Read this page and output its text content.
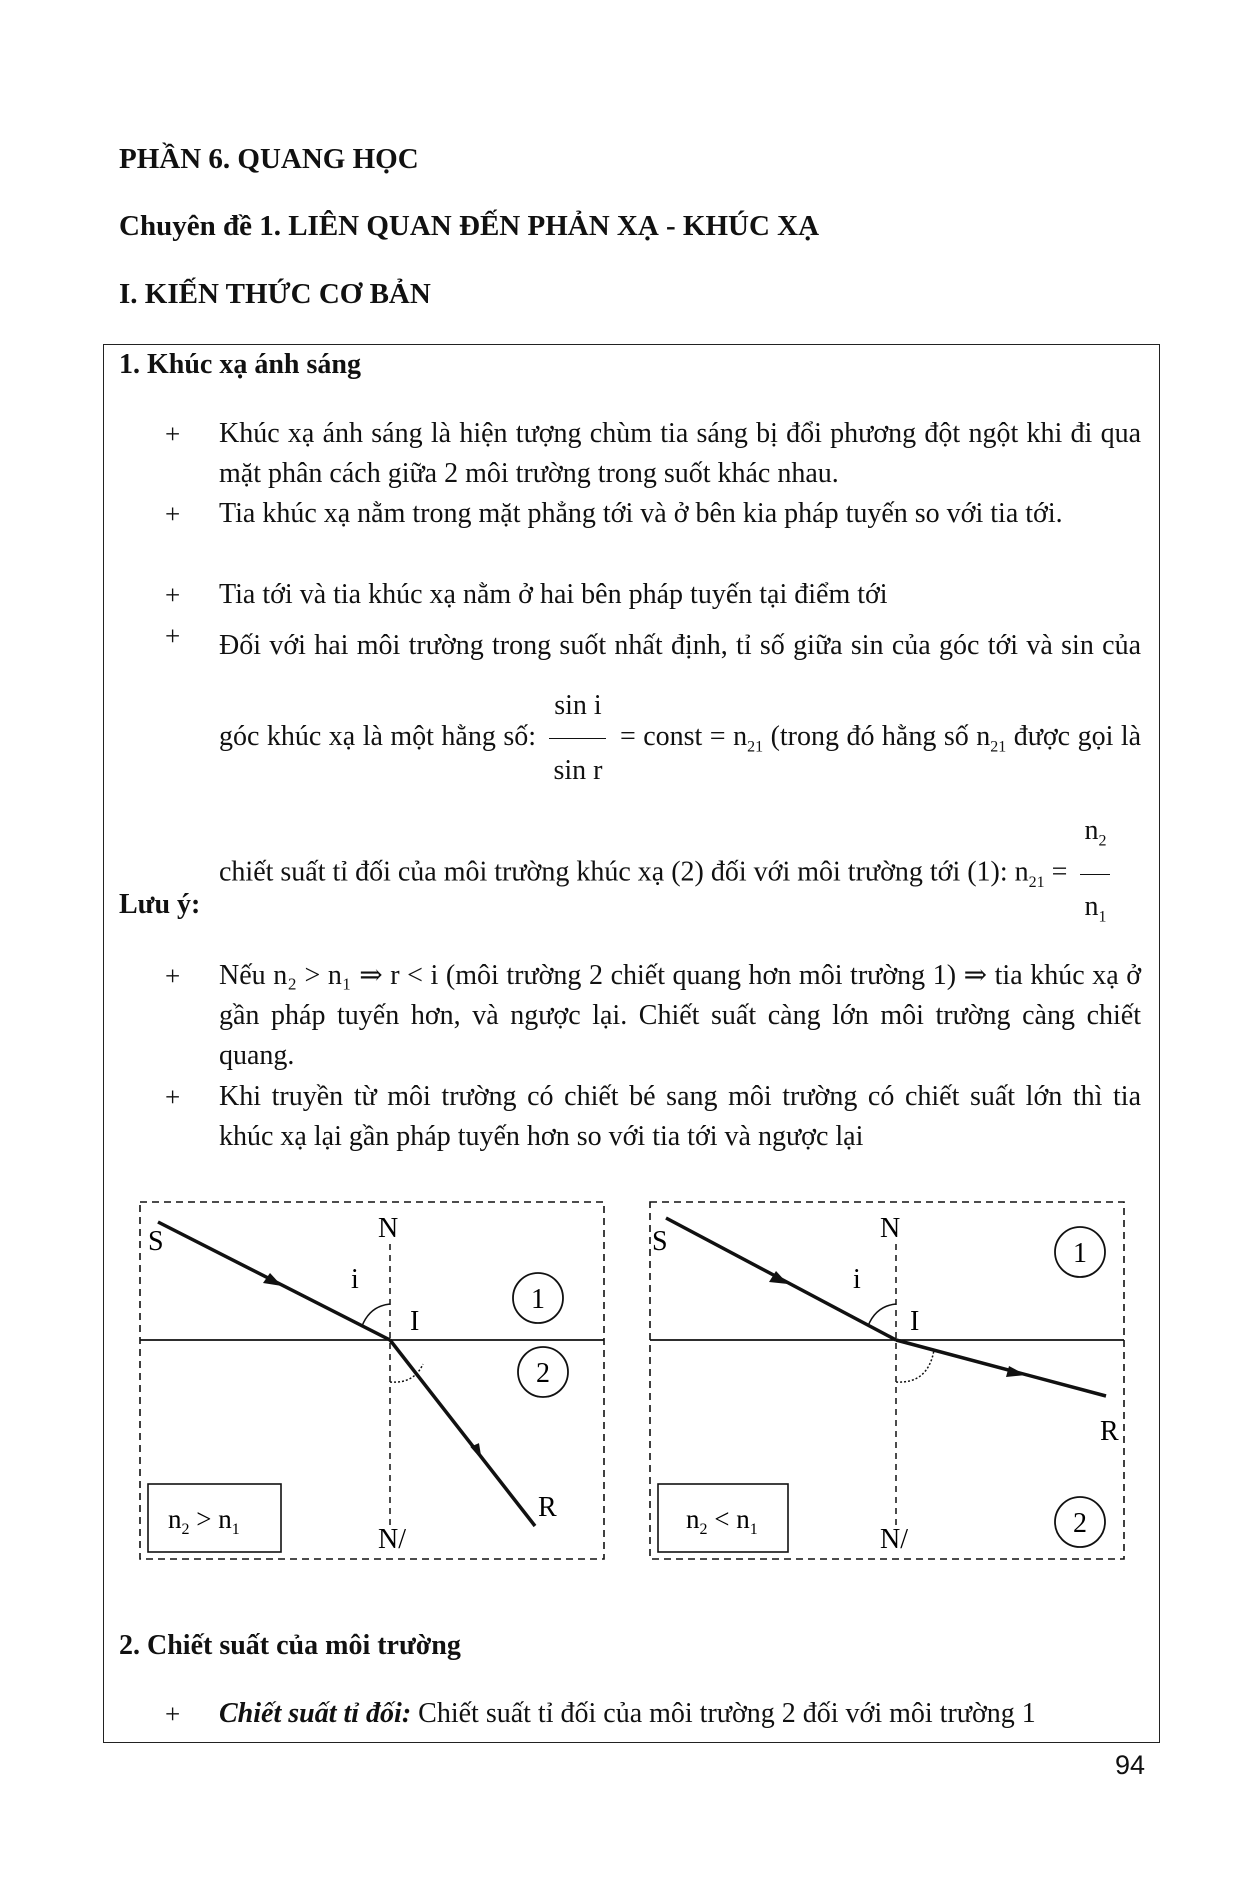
PHẦN 6. QUANG HỌC
Chuyên đề 1. LIÊN QUAN ĐẾN PHẢN XẠ - KHÚC XẠ
I. KIẾN THỨC CƠ BẢN
1. Khúc xạ ánh sáng
+ Khúc xạ ánh sáng là hiện tượng chùm tia sáng bị đổi phương đột ngột khi đi qua mặt phân cách giữa 2 môi trường trong suốt khác nhau.
+ Tia khúc xạ nằm trong mặt phẳng tới và ở bên kia pháp tuyến so với tia tới.
+ Tia tới và tia khúc xạ nằm ở hai bên pháp tuyến tại điểm tới
+ Đối với hai môi trường trong suốt nhất định, tỉ số giữa sin của góc tới và sin của góc khúc xạ là một hằng số: $\frac{\text{sin i}}{\text{sin r}}$ = const = $n_{21}$ (trong đó hằng số $n_{21}$ được gọi là chiết suất tỉ đối của môi trường khúc xạ (2) đối với môi trường tới (1): $n_{21} = \frac{n_2}{n_1}$
Lưu ý:
+ Nếu n₂ > n₁ ⇒ r < i (môi trường 2 chiết quang hơn môi trường 1) ⇒ tia khúc xạ ở gần pháp tuyến hơn, và ngược lại. Chiết suất càng lớn môi trường càng chiết quang.
+ Khi truyền từ môi trường có chiết bé sang môi trường có chiết suất lớn thì tia khúc xạ lại gần pháp tuyến hơn so với tia tới và ngược lại
S	N
i
I
R
N/
1
2
$n_2 > n_1$
S	N
i
I
R
N/
1
2
$n_2 < n_1$
2. Chiết suất của môi trường
+ Chiết suất tỉ đối: Chiết suất tỉ đối của môi trường 2 đối với môi trường 1
94
